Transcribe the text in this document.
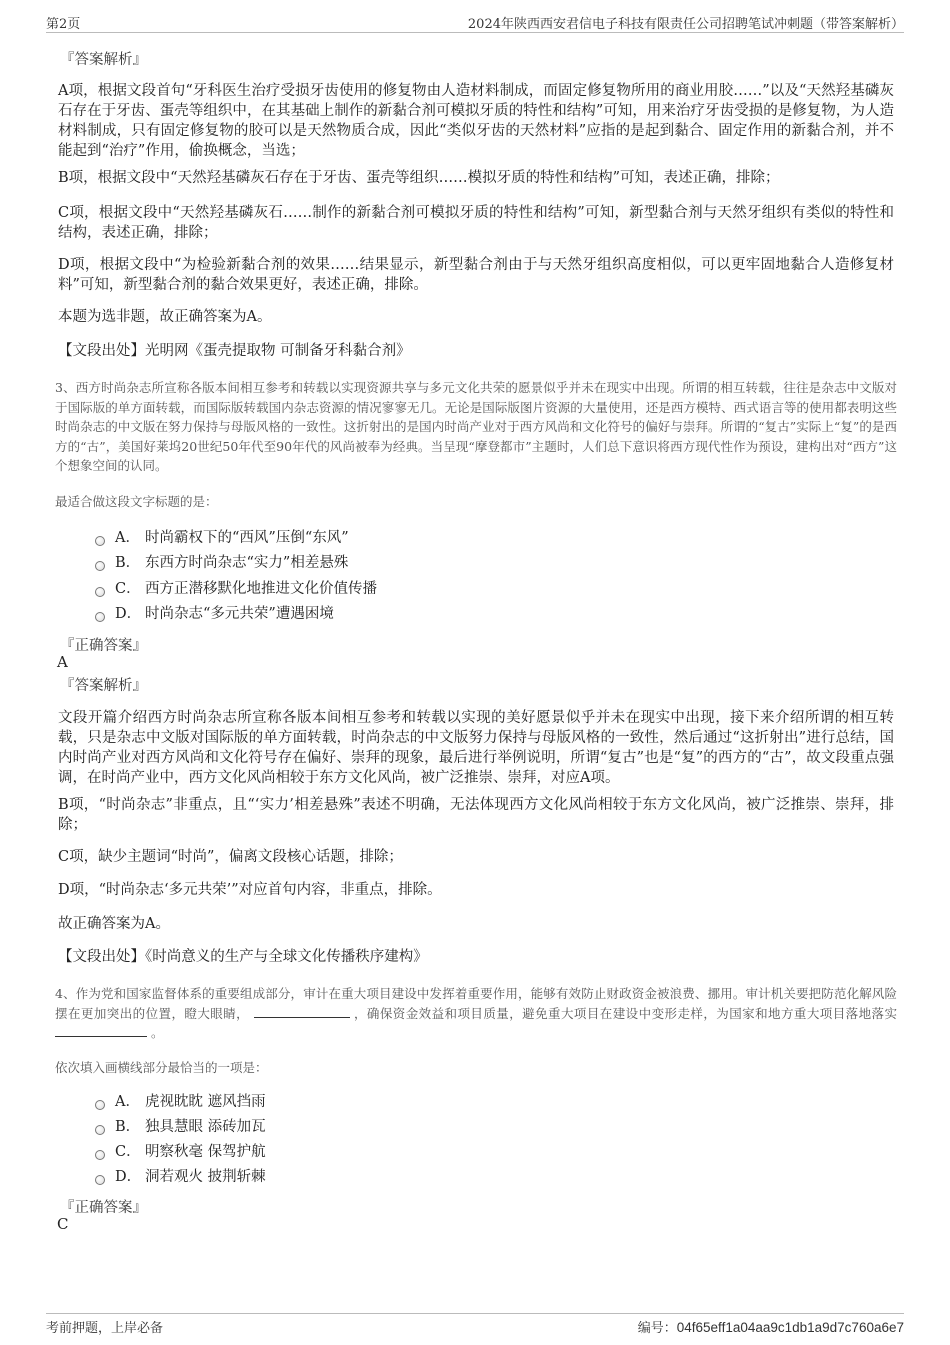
第2页	2024年陕西西安君信电子科技有限责任公司招聘笔试冲刺题（带答案解析）
『答案解析』
A项，根据文段首句“牙科医生治疗受损牙齿使用的修复物由人造材料制成，而固定修复物所用的商业用胶……”以及“天然羟基磷灰石存在于牙齿、蛋壳等组织中，在其基础上制作的新黏合剂可模拟牙质的特性和结构”可知，用来治疗牙齿受损的是修复物，为人造材料制成，只有固定修复物的胶可以是天然物质合成，因此“类似牙齿的天然材料”应指的是起到黏合、固定作用的新黏合剂，并不能起到“治疗”作用，偷换概念，当选；
B项，根据文段中“天然羟基磷灰石存在于牙齿、蛋壳等组织……模拟牙质的特性和结构”可知，表述正确，排除；
C项，根据文段中“天然羟基磷灰石……制作的新黏合剂可模拟牙质的特性和结构”可知，新型黏合剂与天然牙组织有类似的特性和结构，表述正确，排除；
D项，根据文段中“为检验新黏合剂的效果……结果显示，新型黏合剂由于与天然牙组织高度相似，可以更牢固地黏合人造修复材料”可知，新型黏合剂的黏合效果更好，表述正确，排除。
本题为选非题，故正确答案为A。
【文段出处】光明网《蛋壳提取物 可制备牙科黏合剂》
3、西方时尚杂志所宣称各版本间相互参考和转载以实现资源共享与多元文化共荣的愿景似乎并未在现实中出现。所谓的相互转载，往往是杂志中文版对于国际版的单方面转载，而国际版转载国内杂志资源的情况寥寥无几。无论是国际版图片资源的大量使用，还是西方模特、西式语言等的使用都表明这些时尚杂志的中文版在努力保持与母版风格的一致性。这折射出的是国内时尚产业对于西方风尚和文化符号的偏好与崇拜。所谓的“复古”实际上“复”的是西方的“古”，美国好莱坞20世纪50年代至90年代的风尚被奉为经典。当呈现“摩登都市”主题时，人们总下意识将西方现代性作为预设，建构出对“西方”这个想象空间的认同。
最适合做这段文字标题的是：
A． 时尚霸权下的“西风”压倒“东风”
B． 东西方时尚杂志“实力”相差悬殊
C． 西方正潜移默化地推进文化价值传播
D． 时尚杂志“多元共荣”遭遇困境
『正确答案』
A
『答案解析』
文段开篇介绍西方时尚杂志所宣称各版本间相互参考和转载以实现的美好愿景似乎并未在现实中出现，接下来介绍所谓的相互转载，只是杂志中文版对国际版的单方面转载，时尚杂志的中文版努力保持与母版风格的一致性，然后通过“这折射出”进行总结，国内时尚产业对西方风尚和文化符号存在偏好、崇拜的现象，最后进行举例说明，所谓“复古”也是“复”的西方的“古”，故文段重点强调，在时尚产业中，西方文化风尚相较于东方文化风尚，被广泛推崇、崇拜，对应A项。
B项，“时尚杂志”非重点，且“‘实力’相差悬殊”表述不明确，无法体现西方文化风尚相较于东方文化风尚，被广泛推崇、崇拜，排除；
C项，缺少主题词“时尚”，偏离文段核心话题，排除；
D项，“时尚杂志‘多元共荣’”对应首句内容，非重点，排除。
故正确答案为A。
【文段出处】《时尚意义的生产与全球文化传播秩序建构》
4、作为党和国家监督体系的重要组成部分，审计在重大项目建设中发挥着重要作用，能够有效防止财政资金被浪费、挪用。审计机关要把防范化解风险摆在更加突出的位置，瞪大眼睛，	，确保资金效益和项目质量，避免重大项目在建设中变形走样，为国家和地方重大项目落地落实  。
依次填入画横线部分最恰当的一项是：
A． 虎视眈眈 遮风挡雨
B． 独具慧眼 添砖加瓦
C． 明察秋毫 保驾护航
D． 洞若观火 披荆斩棘
『正确答案』
C
考前押题，上岸必备	编号：04f65eff1a04aa9c1db1a9d7c760a6e7
